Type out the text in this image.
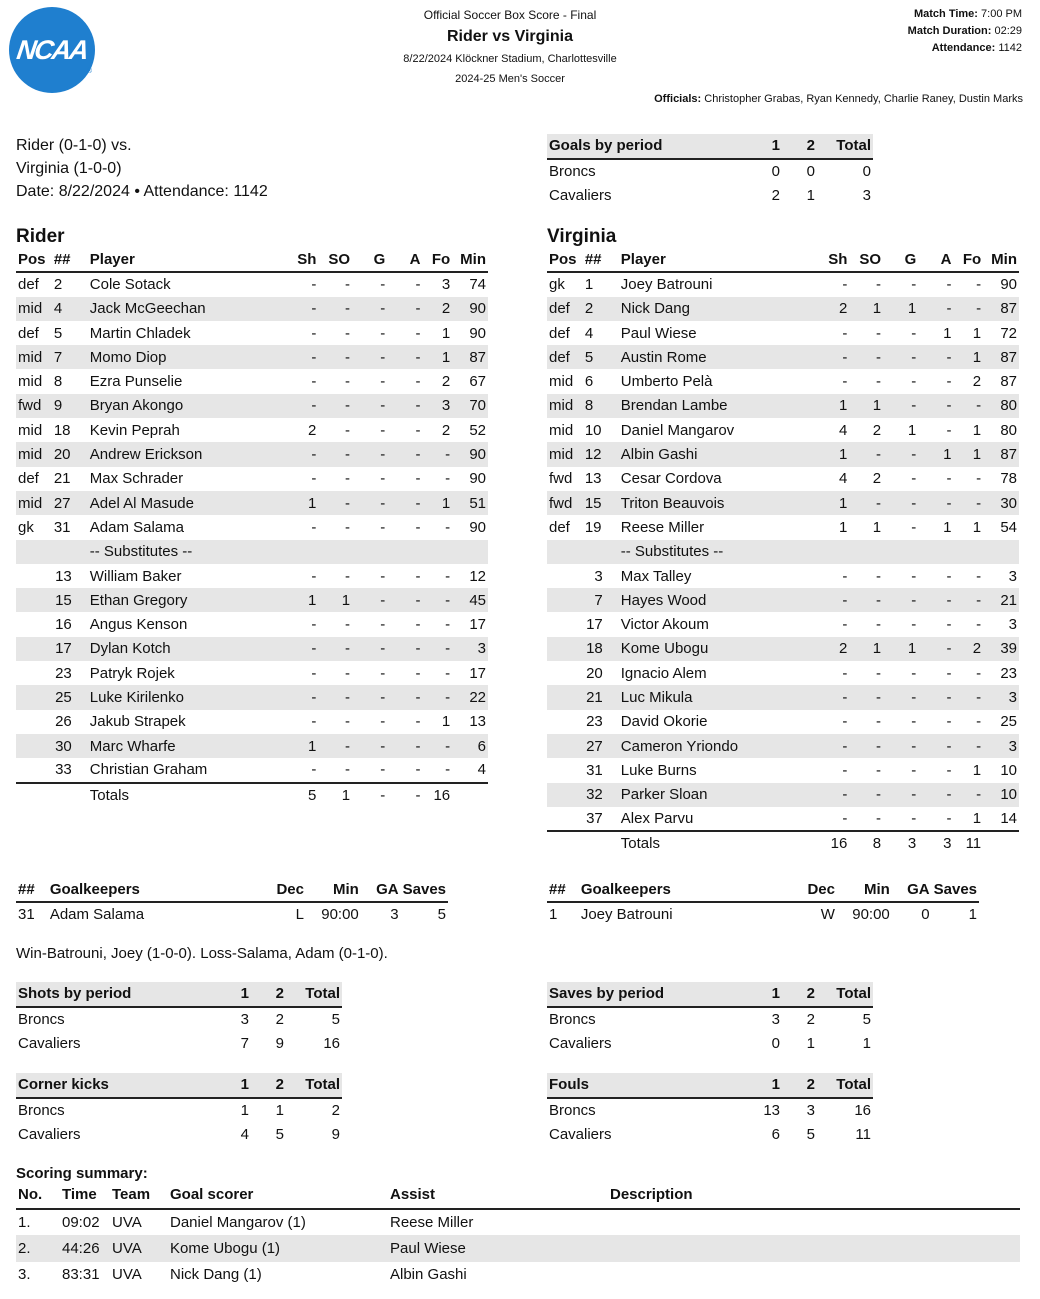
NCAA
®
Official Soccer Box Score - Final
Rider vs Virginia
8/22/2024 Klöckner Stadium, Charlottesville
2024-25 Men's Soccer
Match Time: 7:00 PM
Match Duration: 02:29
Attendance: 1142
Officials: Christopher Grabas, Ryan Kennedy, Charlie Raney, Dustin Marks
Rider (0-1-0) vs.
Virginia (1-0-0)
Date: 8/22/2024 • Attendance: 1142
Goals by period	1	2	Total
Broncs	0	0	0
Cavaliers	2	1	3
Rider
Pos	##	Player	Sh	SO	G	A	Fo	Min
def	2	Cole Sotack	-	-	-	-	3	74
mid	4	Jack McGeechan	-	-	-	-	2	90
def	5	Martin Chladek	-	-	-	-	1	90
mid	7	Momo Diop	-	-	-	-	1	87
mid	8	Ezra Punselie	-	-	-	-	2	67
fwd	9	Bryan Akongo	-	-	-	-	3	70
mid	18	Kevin Peprah	2	-	-	-	2	52
mid	20	Andrew Erickson	-	-	-	-	-	90
def	21	Max Schrader	-	-	-	-	-	90
mid	27	Adel Al Masude	1	-	-	-	1	51
gk	31	Adam Salama	-	-	-	-	-	90
		-- Substitutes --						
	13	William Baker	-	-	-	-	-	12
	15	Ethan Gregory	1	1	-	-	-	45
	16	Angus Kenson	-	-	-	-	-	17
	17	Dylan Kotch	-	-	-	-	-	3
	23	Patryk Rojek	-	-	-	-	-	17
	25	Luke Kirilenko	-	-	-	-	-	22
	26	Jakub Strapek	-	-	-	-	1	13
	30	Marc Wharfe	1	-	-	-	-	6
	33	Christian Graham	-	-	-	-	-	4
		Totals	5	1	-	-	16	
Virginia
Pos	##	Player	Sh	SO	G	A	Fo	Min
gk	1	Joey Batrouni	-	-	-	-	-	90
def	2	Nick Dang	2	1	1	-	-	87
def	4	Paul Wiese	-	-	-	1	1	72
def	5	Austin Rome	-	-	-	-	1	87
mid	6	Umberto Pelà	-	-	-	-	2	87
mid	8	Brendan Lambe	1	1	-	-	-	80
mid	10	Daniel Mangarov	4	2	1	-	1	80
mid	12	Albin Gashi	1	-	-	1	1	87
fwd	13	Cesar Cordova	4	2	-	-	-	78
fwd	15	Triton Beauvois	1	-	-	-	-	30
def	19	Reese Miller	1	1	-	1	1	54
		-- Substitutes --						
	3	Max Talley	-	-	-	-	-	3
	7	Hayes Wood	-	-	-	-	-	21
	17	Victor Akoum	-	-	-	-	-	3
	18	Kome Ubogu	2	1	1	-	2	39
	20	Ignacio Alem	-	-	-	-	-	23
	21	Luc Mikula	-	-	-	-	-	3
	23	David Okorie	-	-	-	-	-	25
	27	Cameron Yriondo	-	-	-	-	-	3
	31	Luke Burns	-	-	-	-	1	10
	32	Parker Sloan	-	-	-	-	-	10
	37	Alex Parvu	-	-	-	-	1	14
		Totals	16	8	3	3	11	
##	Goalkeepers	Dec	Min	GA	Saves
31	Adam Salama	L	90:00	3	5
##	Goalkeepers	Dec	Min	GA	Saves
1	Joey Batrouni	W	90:00	0	1
Win-Batrouni, Joey (1-0-0). Loss-Salama, Adam (0-1-0).
Shots by period	1	2	Total
Broncs	3	2	5
Cavaliers	7	9	16
Saves by period	1	2	Total
Broncs	3	2	5
Cavaliers	0	1	1
Corner kicks	1	2	Total
Broncs	1	1	2
Cavaliers	4	5	9
Fouls	1	2	Total
Broncs	13	3	16
Cavaliers	6	5	11
Scoring summary:
No.	Time	Team	Goal scorer	Assist	Description
1.	09:02	UVA	Daniel Mangarov (1)	Reese Miller	
2.	44:26	UVA	Kome Ubogu (1)	Paul Wiese	
3.	83:31	UVA	Nick Dang (1)	Albin Gashi	
